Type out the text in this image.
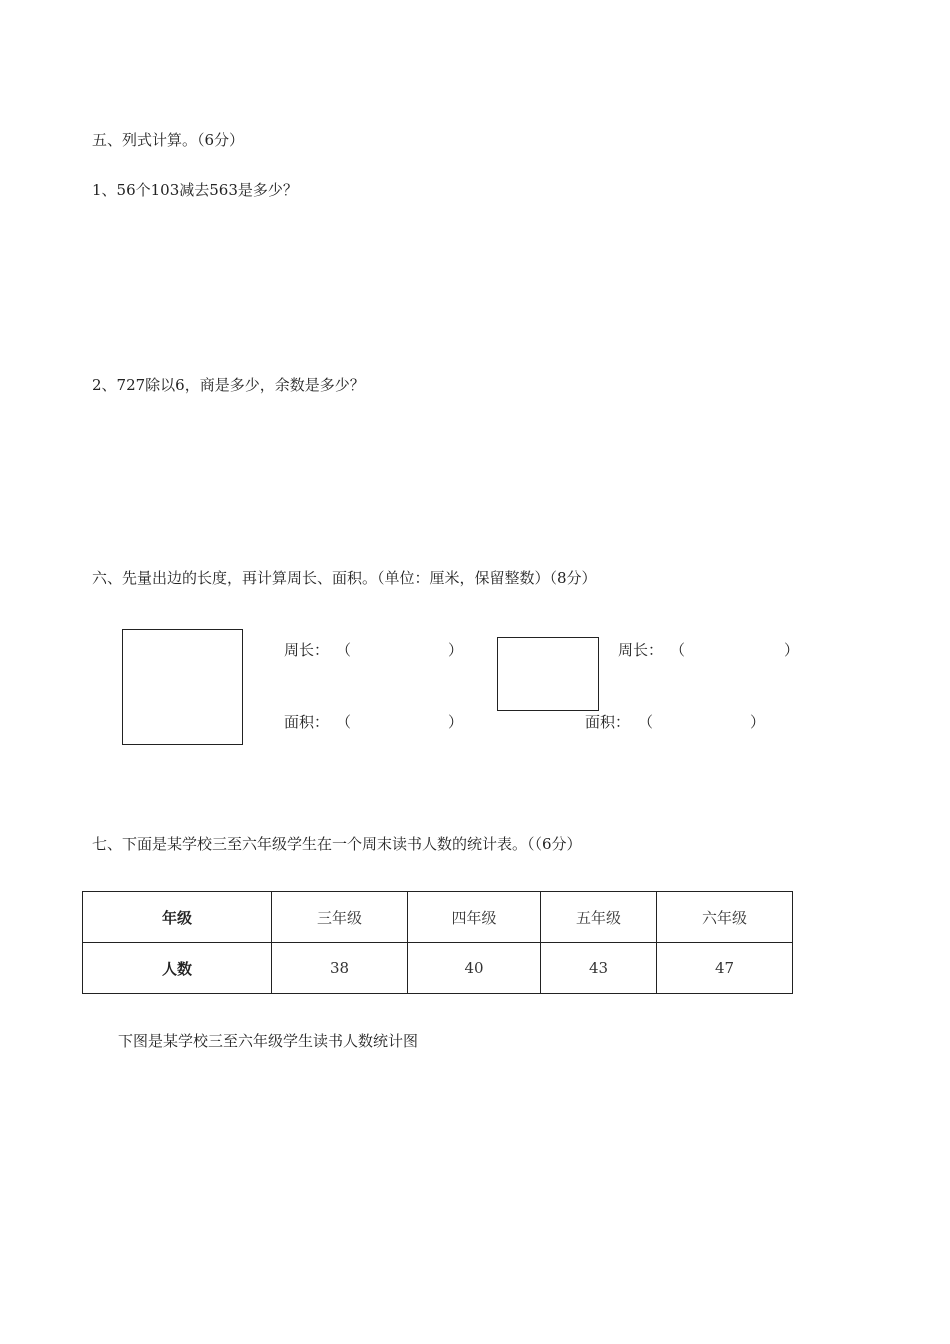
五、列式计算。（6分）
1、56个103减去563是多少？
2、727除以6，商是多少，余数是多少？
六、先量出边的长度，再计算周长、面积。（单位：厘米，保留整数）（8分）
周长： （	）
面积： （	）
周长： （	）
面积： （	）
七、下面是某学校三至六年级学生在一个周末读书人数的统计表。（（6分）
年级	三年级	四年级	五年级	六年级
人数	38	40	43	47
下图是某学校三至六年级学生读书人数统计图
